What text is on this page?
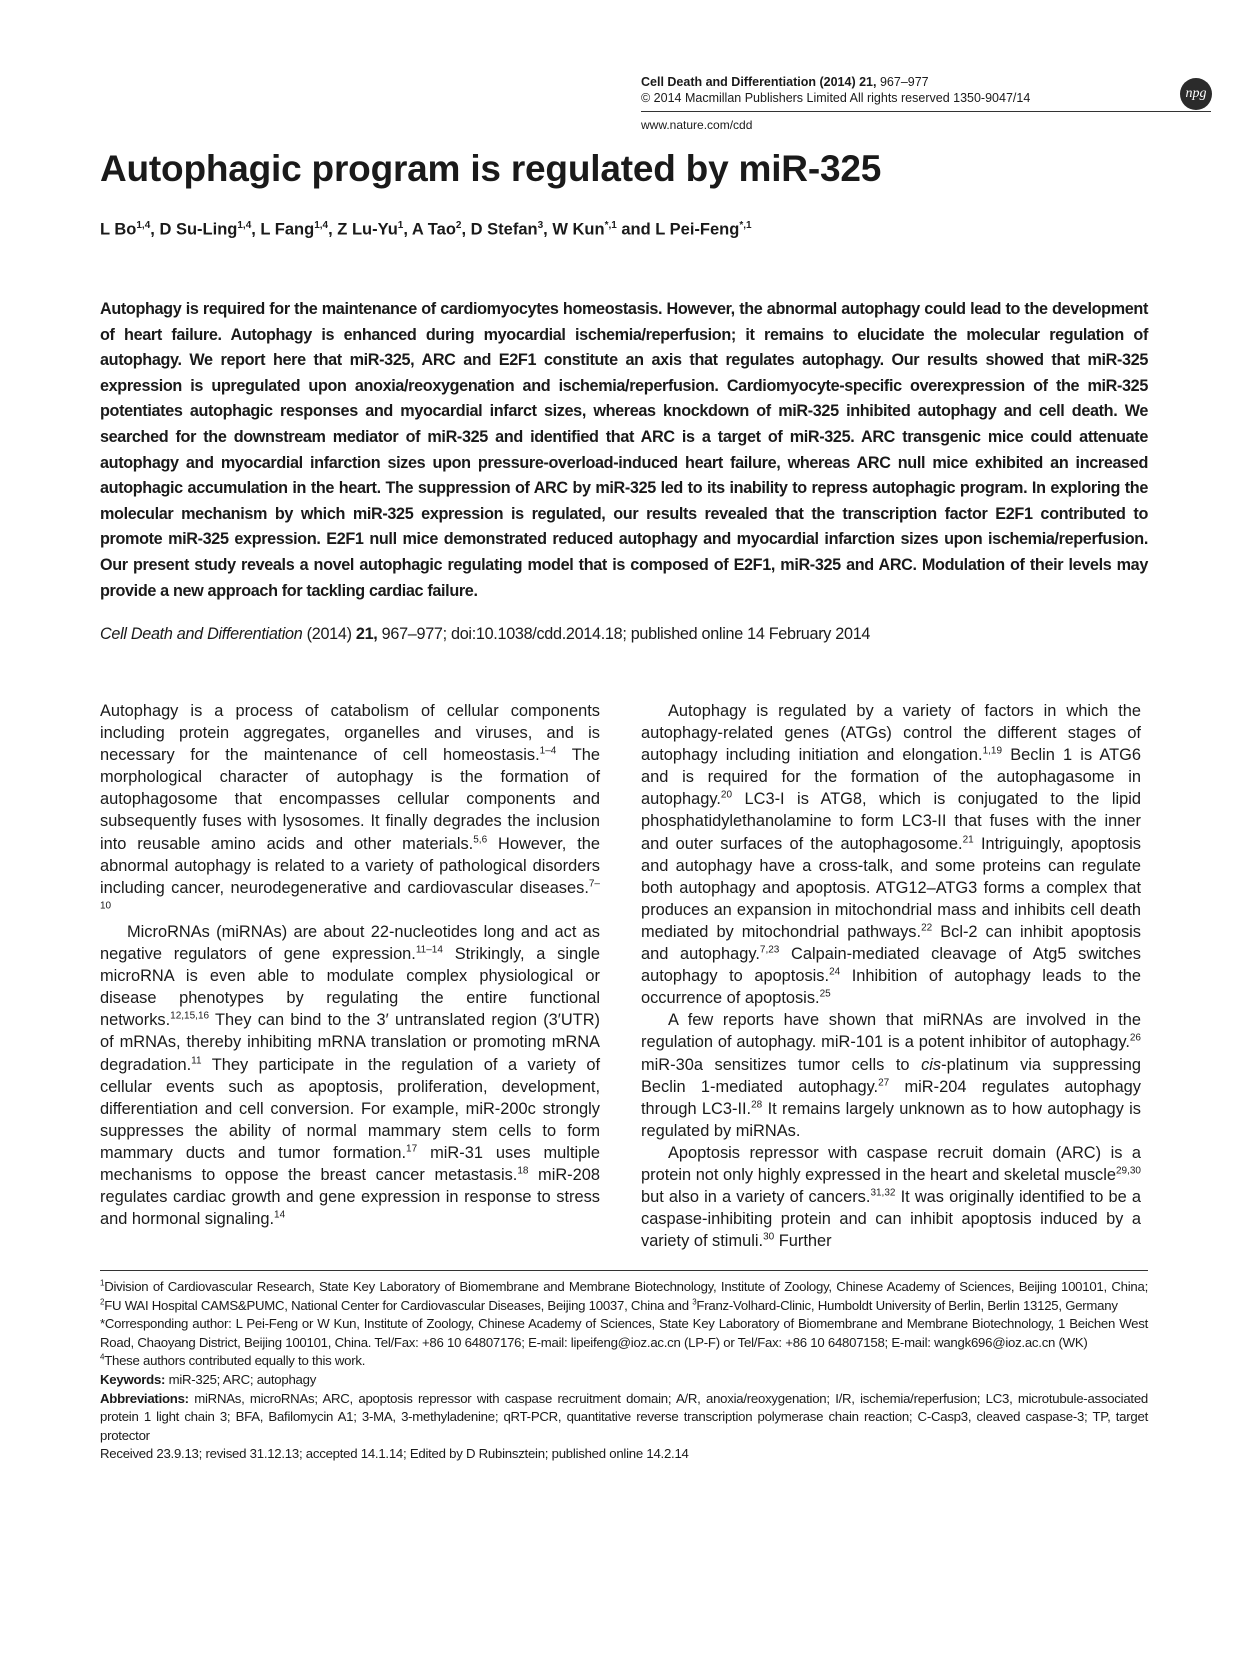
Cell Death and Differentiation (2014) 21, 967–977
© 2014 Macmillan Publishers Limited All rights reserved 1350-9047/14
www.nature.com/cdd
npg
Autophagic program is regulated by miR-325
L Bo$^{1,4}$, D Su-Ling$^{1,4}$, L Fang$^{1,4}$, Z Lu-Yu$^1$, A Tao$^2$, D Stefan$^3$, W Kun$^{*,1}$ and L Pei-Feng$^{*,1}$
Autophagy is required for the maintenance of cardiomyocytes homeostasis. However, the abnormal autophagy could lead to the development of heart failure. Autophagy is enhanced during myocardial ischemia/reperfusion; it remains to elucidate the molecular regulation of autophagy. We report here that miR-325, ARC and E2F1 constitute an axis that regulates autophagy. Our results showed that miR-325 expression is upregulated upon anoxia/reoxygenation and ischemia/reperfusion. Cardiomyocyte-specific overexpression of the miR-325 potentiates autophagic responses and myocardial infarct sizes, whereas knockdown of miR-325 inhibited autophagy and cell death. We searched for the downstream mediator of miR-325 and identified that ARC is a target of miR-325. ARC transgenic mice could attenuate autophagy and myocardial infarction sizes upon pressure-overload-induced heart failure, whereas ARC null mice exhibited an increased autophagic accumulation in the heart. The suppression of ARC by miR-325 led to its inability to repress autophagic program. In exploring the molecular mechanism by which miR-325 expression is regulated, our results revealed that the transcription factor E2F1 contributed to promote miR-325 expression. E2F1 null mice demonstrated reduced autophagy and myocardial infarction sizes upon ischemia/reperfusion. Our present study reveals a novel autophagic regulating model that is composed of E2F1, miR-325 and ARC. Modulation of their levels may provide a new approach for tackling cardiac failure.
Cell Death and Differentiation (2014) 21, 967–977; doi:10.1038/cdd.2014.18; published online 14 February 2014

Autophagy is a process of catabolism of cellular components including protein aggregates, organelles and viruses, and is necessary for the maintenance of cell homeostasis.$^{1-4}$ The morphological character of autophagy is the formation of autophagosome that encompasses cellular components and subsequently fuses with lysosomes. It finally degrades the inclusion into reusable amino acids and other materials.$^{5,6}$ However, the abnormal autophagy is related to a variety of pathological disorders including cancer, neurodegenerative and cardiovascular diseases.$^{7-10}$

MicroRNAs (miRNAs) are about 22-nucleotides long and act as negative regulators of gene expression.$^{11-14}$ Strikingly, a single microRNA is even able to modulate complex physiological or disease phenotypes by regulating the entire functional networks.$^{12,15,16}$ They can bind to the 3′ untranslated region (3′UTR) of mRNAs, thereby inhibiting mRNA translation or promoting mRNA degradation.$^{11}$ They participate in the regulation of a variety of cellular events such as apoptosis, proliferation, development, differentiation and cell conversion. For example, miR-200c strongly suppresses the ability of normal mammary stem cells to form mammary ducts and tumor formation.$^{17}$ miR-31 uses multiple mechanisms to oppose the breast cancer metastasis.$^{18}$ miR-208 regulates cardiac growth and gene expression in response to stress and hormonal signaling.$^{14}$

Autophagy is regulated by a variety of factors in which the autophagy-related genes (ATGs) control the different stages of autophagy including initiation and elongation.$^{1,19}$ Beclin 1 is ATG6 and is required for the formation of the autophagasome in autophagy.$^{20}$ LC3-I is ATG8, which is conjugated to the lipid phosphatidylethanolamine to form LC3-II that fuses with the inner and outer surfaces of the autophagosome.$^{21}$ Intriguingly, apoptosis and autophagy have a cross-talk, and some proteins can regulate both autophagy and apoptosis. ATG12–ATG3 forms a complex that produces an expansion in mitochondrial mass and inhibits cell death mediated by mitochondrial pathways.$^{22}$ Bcl-2 can inhibit apoptosis and autophagy.$^{7,23}$ Calpain-mediated cleavage of Atg5 switches autophagy to apoptosis.$^{24}$ Inhibition of autophagy leads to the occurrence of apoptosis.$^{25}$

A few reports have shown that miRNAs are involved in the regulation of autophagy. miR-101 is a potent inhibitor of autophagy.$^{26}$ miR-30a sensitizes tumor cells to cis-platinum via suppressing Beclin 1-mediated autophagy.$^{27}$ miR-204 regulates autophagy through LC3-II.$^{28}$ It remains largely unknown as to how autophagy is regulated by miRNAs.

Apoptosis repressor with caspase recruit domain (ARC) is a protein not only highly expressed in the heart and skeletal muscle$^{29,30}$ but also in a variety of cancers.$^{31,32}$ It was originally identified to be a caspase-inhibiting protein and can inhibit apoptosis induced by a variety of stimuli.$^{30}$ Further

$^1$Division of Cardiovascular Research, State Key Laboratory of Biomembrane and Membrane Biotechnology, Institute of Zoology, Chinese Academy of Sciences, Beijing 100101, China; $^2$FU WAI Hospital CAMS&PUMC, National Center for Cardiovascular Diseases, Beijing 10037, China and $^3$Franz-Volhard-Clinic, Humboldt University of Berlin, Berlin 13125, Germany

*Corresponding author: L Pei-Feng or W Kun, Institute of Zoology, Chinese Academy of Sciences, State Key Laboratory of Biomembrane and Membrane Biotechnology, 1 Beichen West Road, Chaoyang District, Beijing 100101, China. Tel/Fax: +86 10 64807176; E-mail: lipeifeng@ioz.ac.cn (LP-F) or Tel/Fax: +86 10 64807158; E-mail: wangk696@ioz.ac.cn (WK)

$^4$These authors contributed equally to this work.

Keywords: miR-325; ARC; autophagy

Abbreviations: miRNAs, microRNAs; ARC, apoptosis repressor with caspase recruitment domain; A/R, anoxia/reoxygenation; I/R, ischemia/reperfusion; LC3, microtubule-associated protein 1 light chain 3; BFA, Bafilomycin A1; 3-MA, 3-methyladenine; qRT-PCR, quantitative reverse transcription polymerase chain reaction; C-Casp3, cleaved caspase-3; TP, target protector

Received 23.9.13; revised 31.12.13; accepted 14.1.14; Edited by D Rubinsztein; published online 14.2.14
